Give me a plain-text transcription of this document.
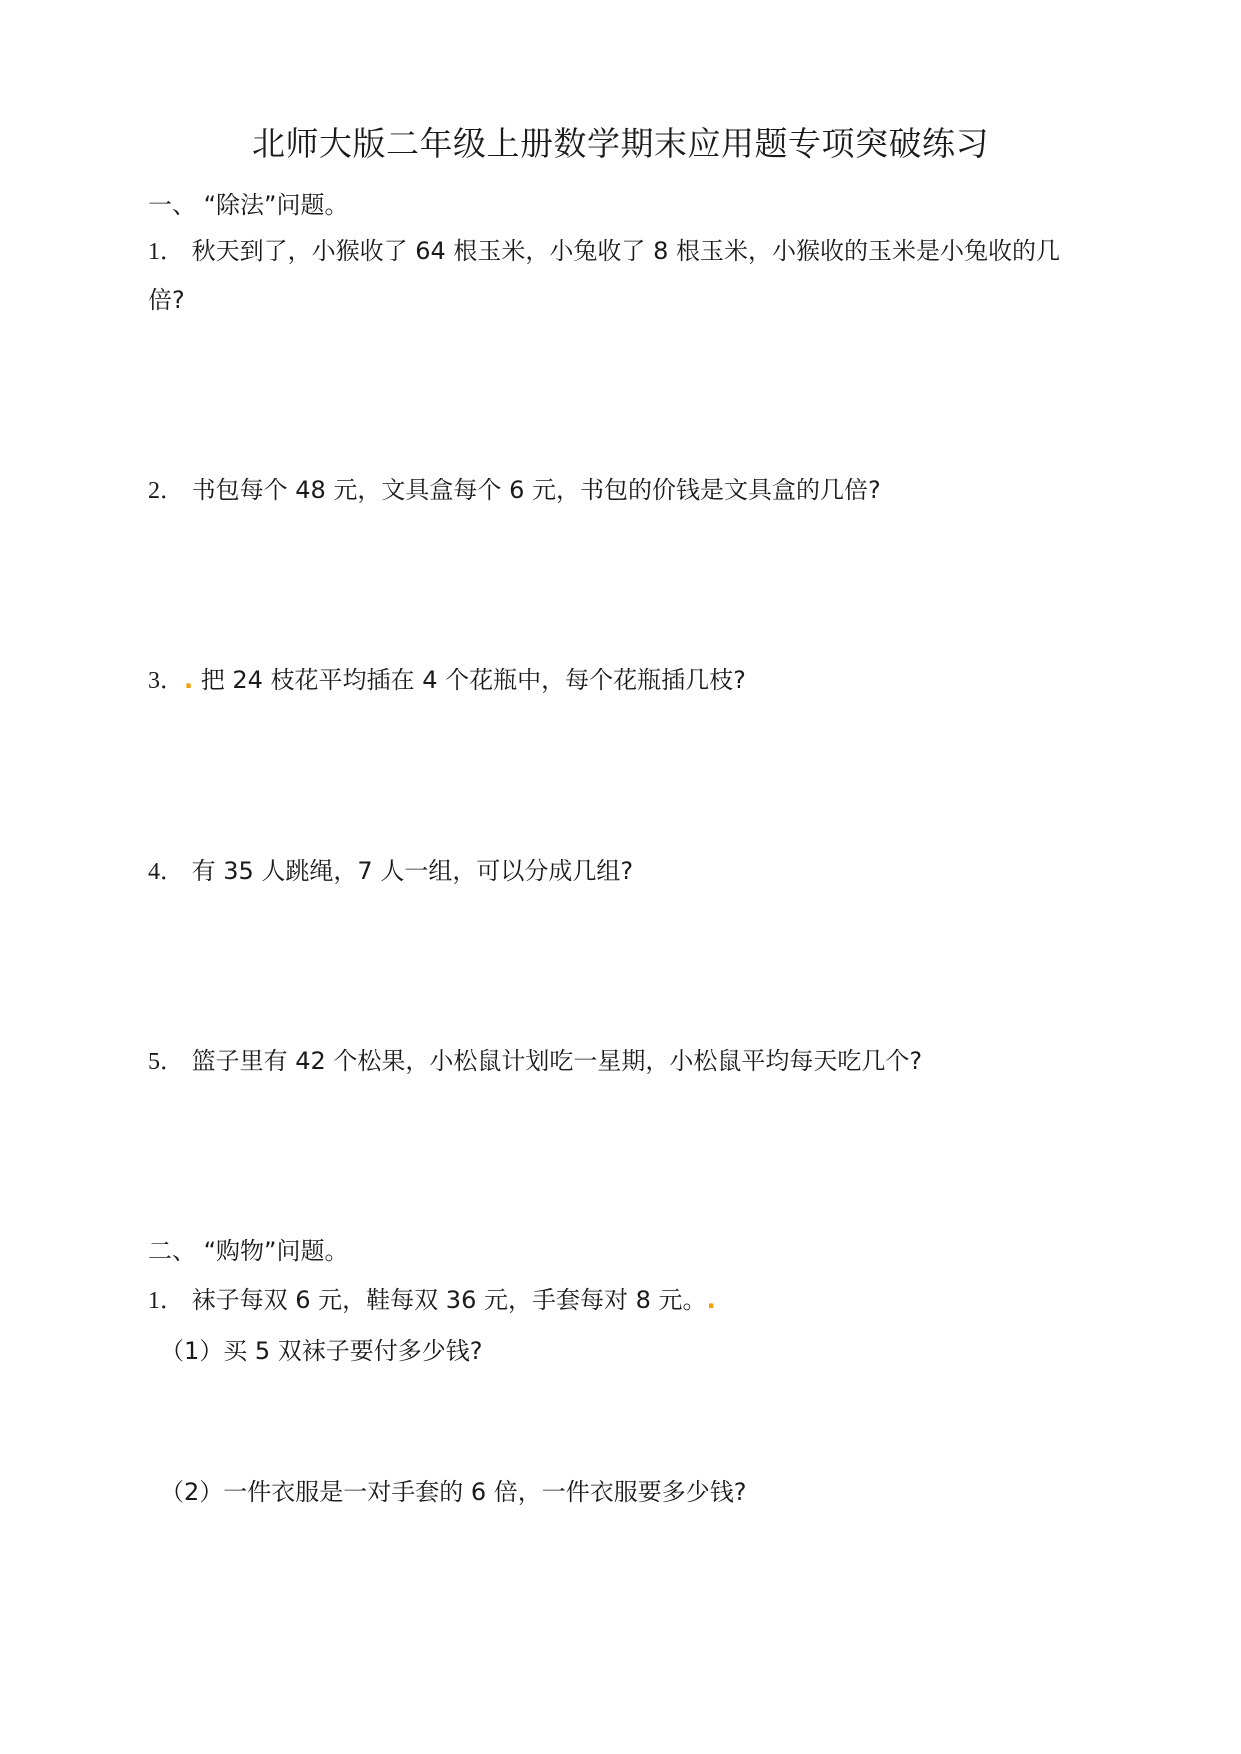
北师大版二年级上册数学期末应用题专项突破练习
一、 “除法”问题。
1． 秋天到了，小猴收了 64 根玉米，小兔收了 8 根玉米，小猴收的玉米是小兔收的几
倍?
2． 书包每个 48 元，文具盒每个 6 元，书包的价钱是文具盒的几倍?
3．. 把 24 枝花平均插在 4 个花瓶中，每个花瓶插几枝?
4． 有 35 人跳绳，7 人一组，可以分成几组?
5． 篮子里有 42 个松果，小松鼠计划吃一星期，小松鼠平均每天吃几个?
二、 “购物”问题。
1． 袜子每双 6 元，鞋每双 36 元，手套每对 8 元。.
（1）买 5 双袜子要付多少钱?
（2）一件衣服是一对手套的 6 倍，一件衣服要多少钱?
